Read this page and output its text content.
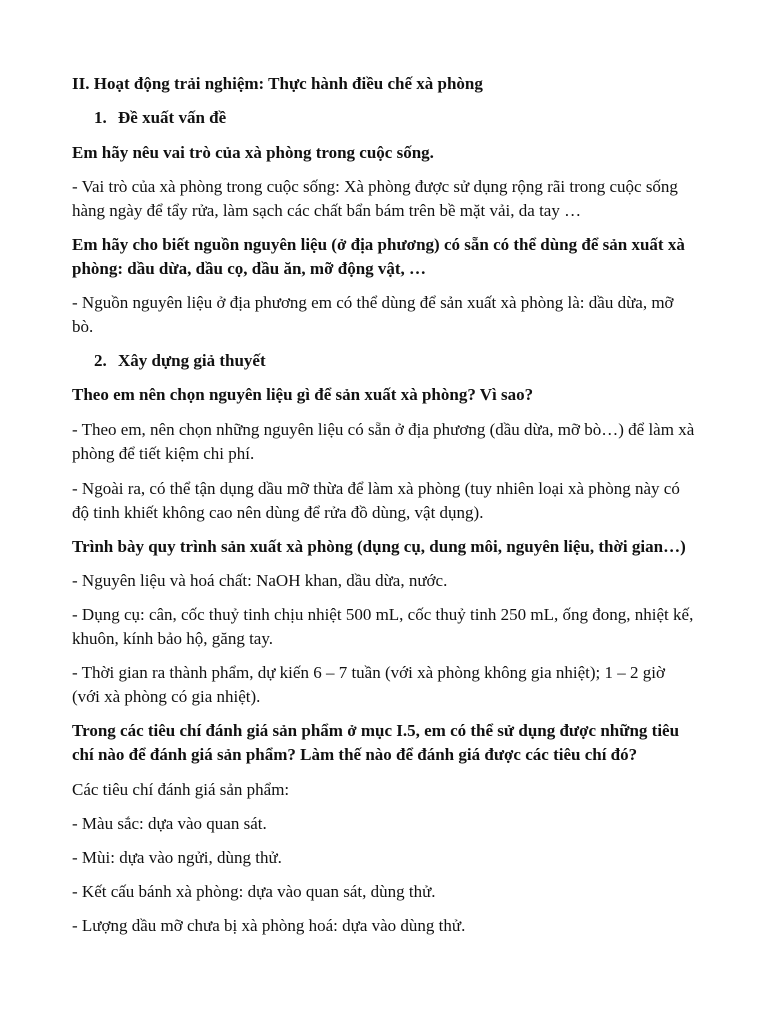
II. Hoạt động trải nghiệm: Thực hành điều chế xà phòng
1. Đề xuất vấn đề
Em hãy nêu vai trò của xà phòng trong cuộc sống.
- Vai trò của xà phòng trong cuộc sống: Xà phòng được sử dụng rộng rãi trong cuộc sống
hàng ngày để tẩy rửa, làm sạch các chất bẩn bám trên bề mặt vải, da tay …
Em hãy cho biết nguồn nguyên liệu (ở địa phương) có sẵn có thể dùng để sản xuất xà
phòng: dầu dừa, dầu cọ, dầu ăn, mỡ động vật, …
- Nguồn nguyên liệu ở địa phương em có thể dùng để sản xuất xà phòng là: dầu dừa, mỡ
bò.
2. Xây dựng giả thuyết
Theo em nên chọn nguyên liệu gì để sản xuất xà phòng? Vì sao?
- Theo em, nên chọn những nguyên liệu có sẵn ở địa phương (dầu dừa, mỡ bò…) để làm xà
phòng để tiết kiệm chi phí.
- Ngoài ra, có thể tận dụng dầu mỡ thừa để làm xà phòng (tuy nhiên loại xà phòng này có
độ tinh khiết không cao nên dùng để rửa đồ dùng, vật dụng).
Trình bày quy trình sản xuất xà phòng (dụng cụ, dung môi, nguyên liệu, thời gian…)
- Nguyên liệu và hoá chất: NaOH khan, dầu dừa, nước.
- Dụng cụ: cân, cốc thuỷ tinh chịu nhiệt 500 mL, cốc thuỷ tinh 250 mL, ống đong, nhiệt kế,
khuôn, kính bảo hộ, găng tay.
- Thời gian ra thành phẩm, dự kiến 6 – 7 tuần (với xà phòng không gia nhiệt); 1 – 2 giờ
(với xà phòng có gia nhiệt).
Trong các tiêu chí đánh giá sản phẩm ở mục I.5, em có thể sử dụng được những tiêu
chí nào để đánh giá sản phẩm? Làm thế nào để đánh giá được các tiêu chí đó?
Các tiêu chí đánh giá sản phẩm:
- Màu sắc: dựa vào quan sát.
- Mùi: dựa vào ngửi, dùng thử.
- Kết cấu bánh xà phòng: dựa vào quan sát, dùng thử.
- Lượng dầu mỡ chưa bị xà phòng hoá: dựa vào dùng thử.
